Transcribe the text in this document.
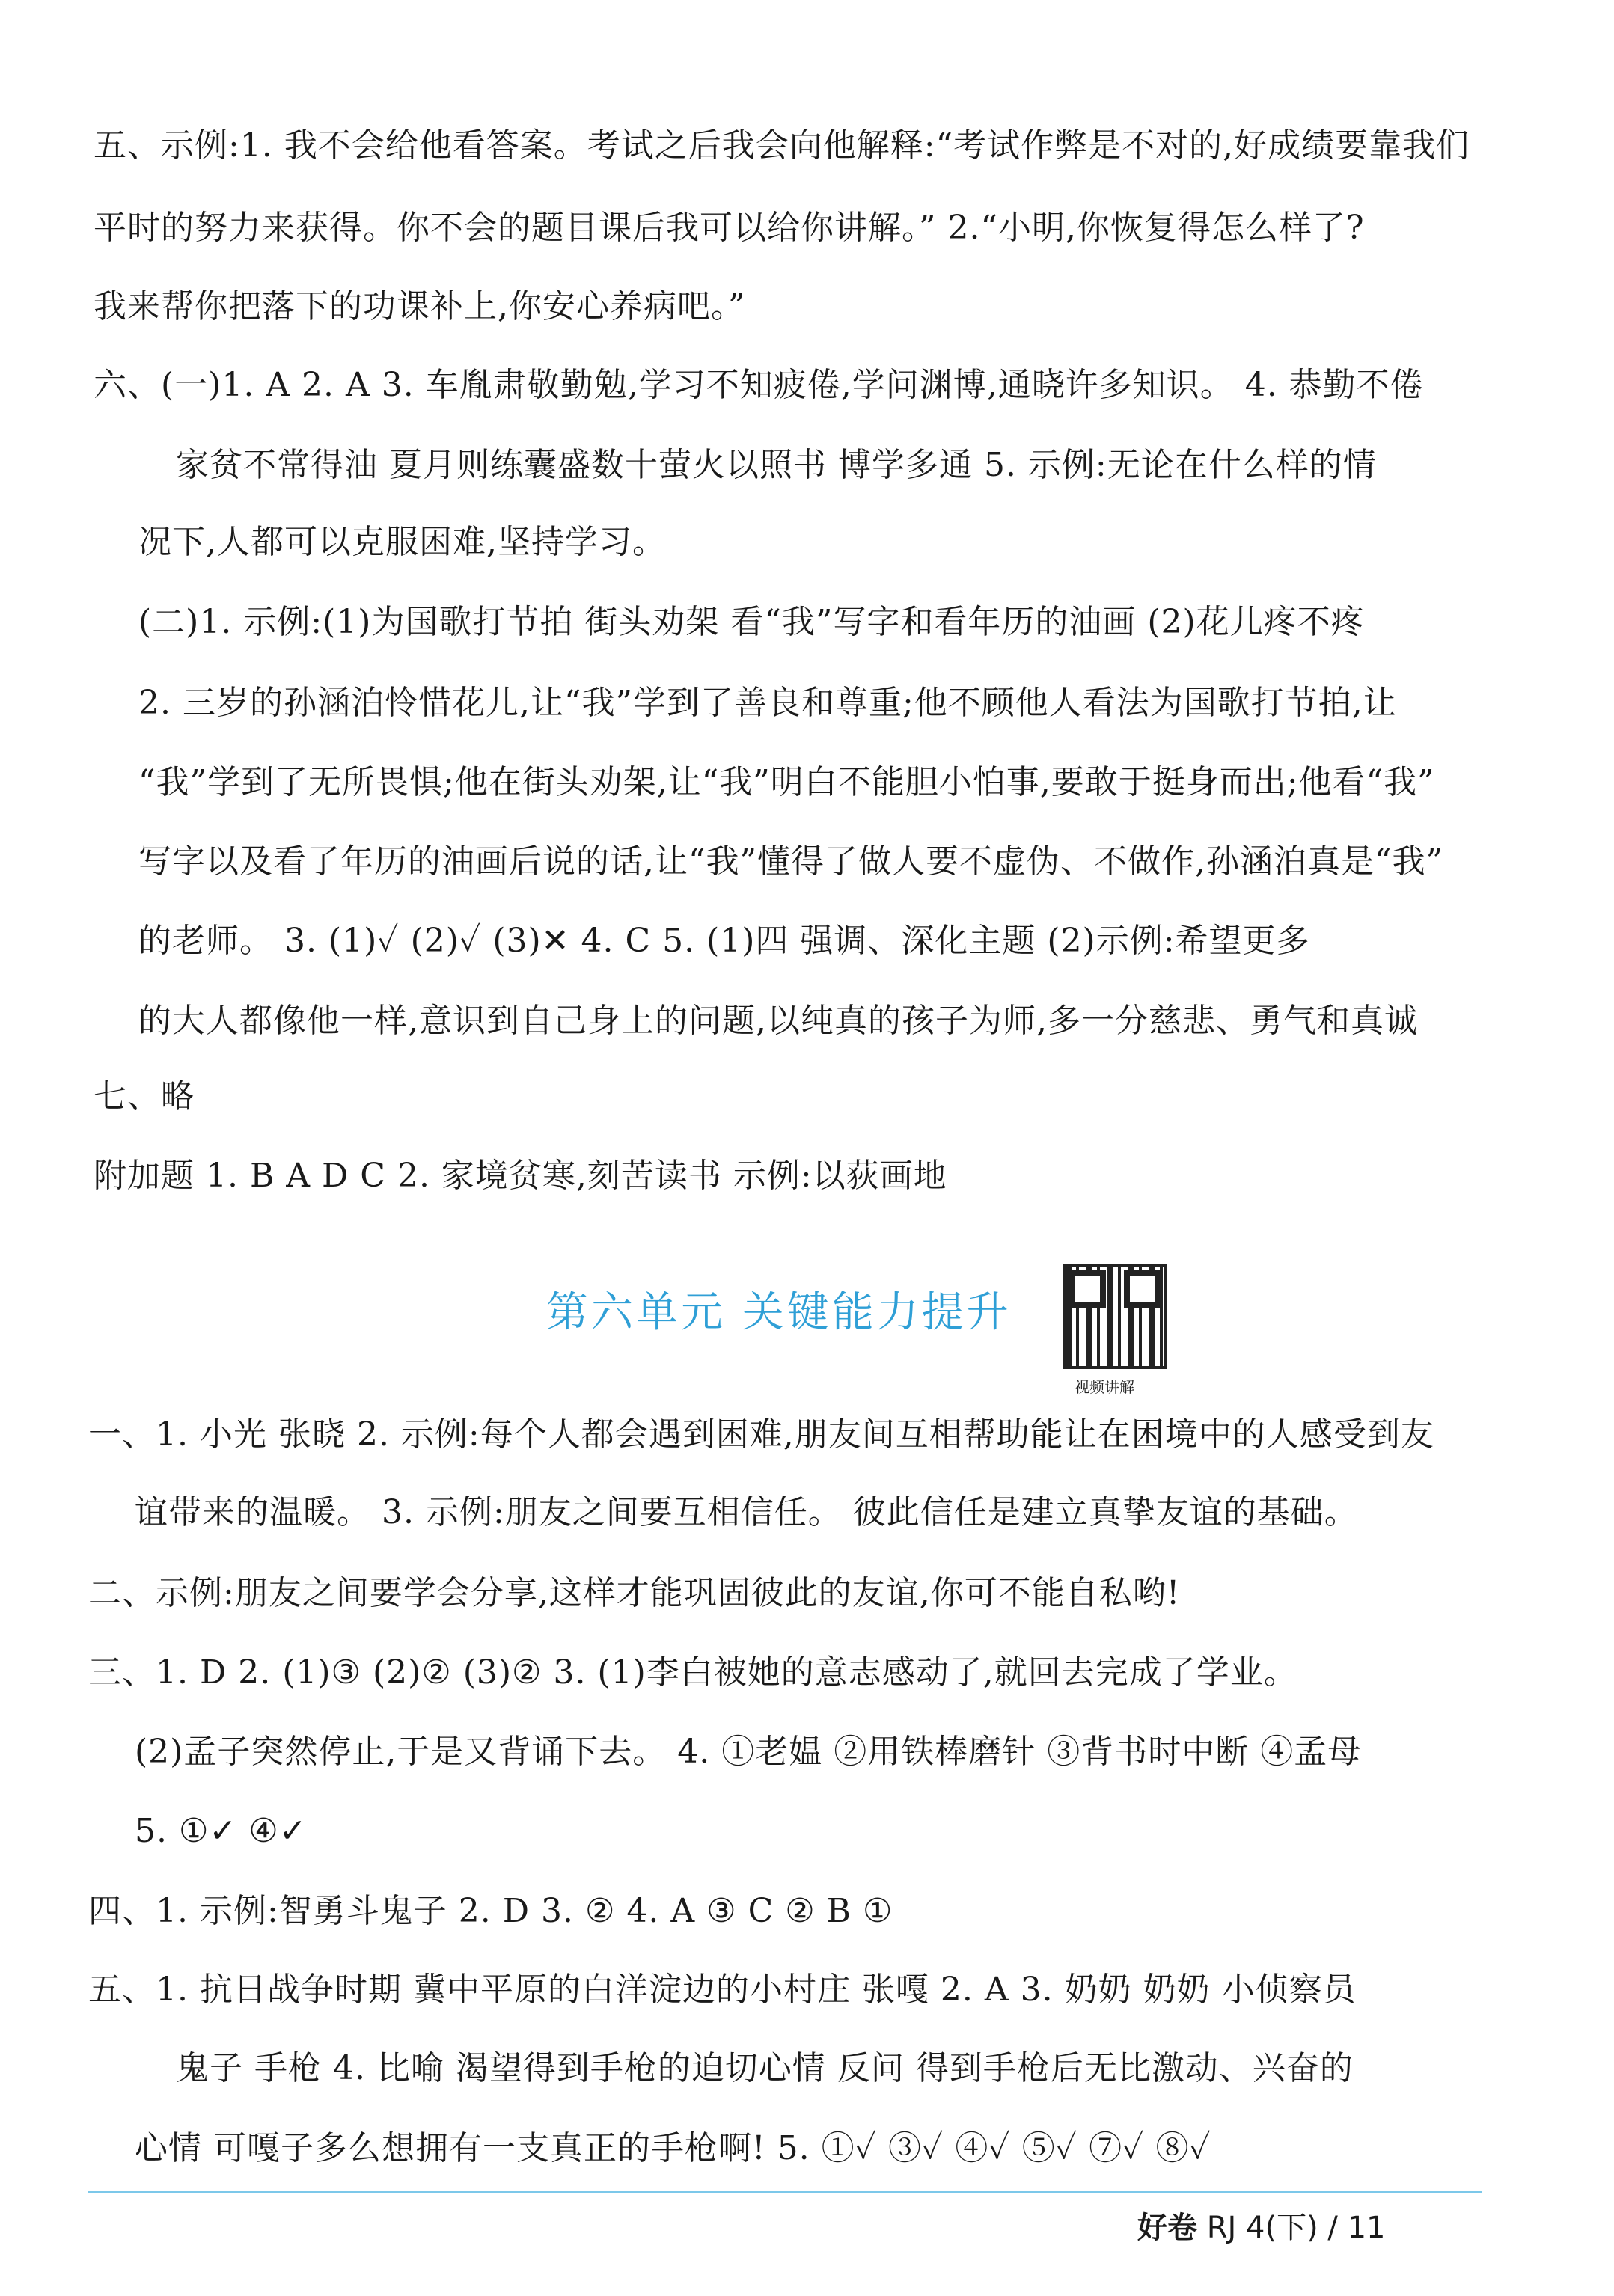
五、示例:1. 我不会给他看答案。考试之后我会向他解释:“考试作弊是不对的,好成绩要靠我们
平时的努力来获得。你不会的题目课后我可以给你讲解。” 2.“小明,你恢复得怎么样了?
我来帮你把落下的功课补上,你安心养病吧。”
六、(一)1. A 2. A 3. 车胤肃敬勤勉,学习不知疲倦,学问渊博,通晓许多知识。 4. 恭勤不倦
家贫不常得油 夏月则练囊盛数十萤火以照书 博学多通 5. 示例:无论在什么样的情
况下,人都可以克服困难,坚持学习。
(二)1. 示例:(1)为国歌打节拍 街头劝架 看“我”写字和看年历的油画 (2)花儿疼不疼
2. 三岁的孙涵泊怜惜花儿,让“我”学到了善良和尊重;他不顾他人看法为国歌打节拍,让
“我”学到了无所畏惧;他在街头劝架,让“我”明白不能胆小怕事,要敢于挺身而出;他看“我”
写字以及看了年历的油画后说的话,让“我”懂得了做人要不虚伪、不做作,孙涵泊真是“我”
的老师。 3. (1)✓ (2)✓ (3)✕ 4. C 5. (1)四 强调、深化主题 (2)示例:希望更多
的大人都像他一样,意识到自己身上的问题,以纯真的孩子为师,多一分慈悲、勇气和真诚
七、略
附加题 1. B A D C 2. 家境贫寒,刻苦读书 示例:以荻画地
一、1. 小光 张晓 2. 示例:每个人都会遇到困难,朋友间互相帮助能让在困境中的人感受到友
谊带来的温暖。 3. 示例:朋友之间要互相信任。 彼此信任是建立真挚友谊的基础。
二、示例:朋友之间要学会分享,这样才能巩固彼此的友谊,你可不能自私哟!
三、1. D 2. (1)③ (2)② (3)② 3. (1)李白被她的意志感动了,就回去完成了学业。
(2)孟子突然停止,于是又背诵下去。 4. ①老媪 ②用铁棒磨针 ③背书时中断 ④孟母
5. ①✓ ④✓
四、1. 示例:智勇斗鬼子 2. D 3. ② 4. A ③ C ② B ①
五、1. 抗日战争时期 冀中平原的白洋淀边的小村庄 张嘎 2. A 3. 奶奶 奶奶 小侦察员
鬼子 手枪 4. 比喻 渴望得到手枪的迫切心情 反问 得到手枪后无比激动、兴奋的
心情 可嘎子多么想拥有一支真正的手枪啊! 5. ①✓ ③✓ ④✓ ⑤✓ ⑦✓ ⑧✓
第六单元 关键能力提升
视频讲解
好卷 RJ 4(下) / 11
